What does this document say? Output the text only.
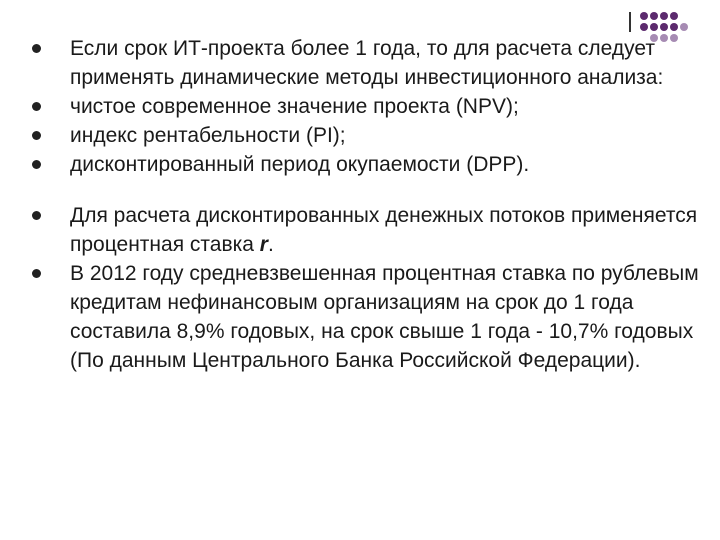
Если срок ИТ-проекта более 1 года, то для расчета следует применять динамические методы инвестиционного анализа:

чистое современное значение проекта (NPV);

индекс рентабельности (PI);

дисконтированный период окупаемости (DPP).

Для расчета дисконтированных денежных потоков применяется процентная ставка r.

В 2012 году средневзвешенная процентная ставка по рублевым кредитам нефинансовым организациям на срок до 1 года составила 8,9% годовых, на срок свыше 1 года - 10,7% годовых (По данным Центрального Банка Российской Федерации).
